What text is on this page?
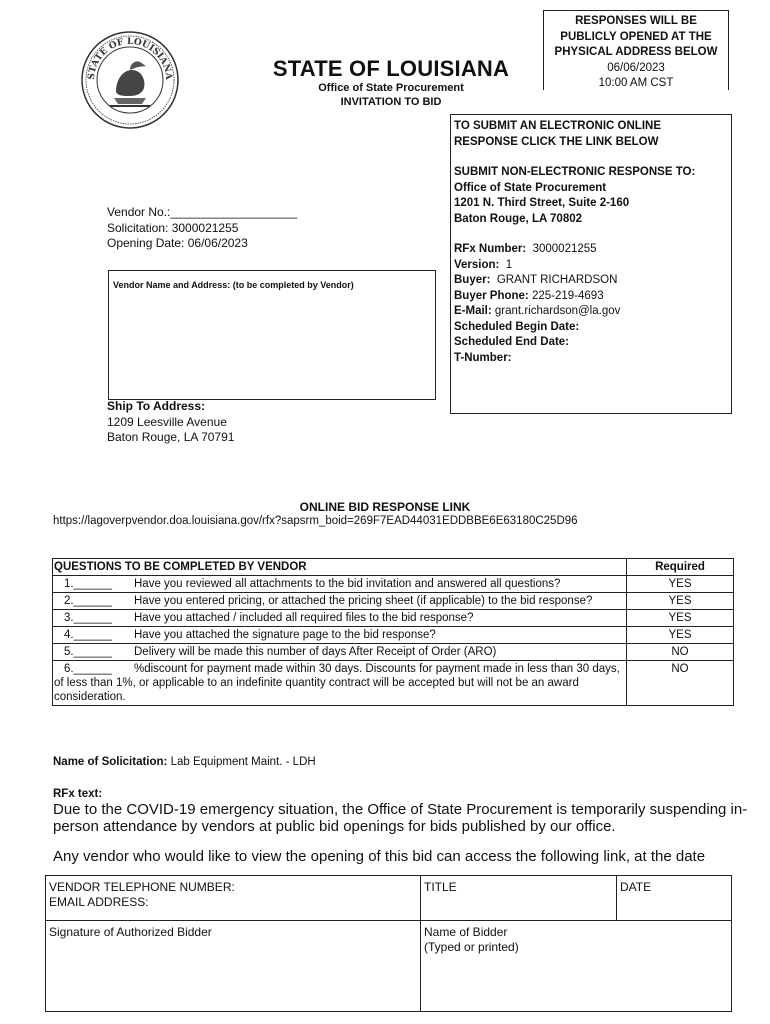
STATE OF LOUISIANA	STATE OF LOUISIANA
Office of State Procurement
INVITATION TO BID
RESPONSES WILL BE
PUBLICLY OPENED AT THE
PHYSICAL ADDRESS BELOW
06/06/2023
10:00 AM CST
TO SUBMIT AN ELECTRONIC ONLINE
RESPONSE CLICK THE LINK BELOW
SUBMIT NON-ELECTRONIC RESPONSE TO:
Office of State Procurement
1201 N. Third Street, Suite 2-160
Baton Rouge, LA 70802
RFx Number: 3000021255
Version: 1
Buyer: GRANT RICHARDSON
Buyer Phone: 225-219-4693
E-Mail: grant.richardson@la.gov
Scheduled Begin Date:
Scheduled End Date:
T-Number:
Vendor No.:___________________
Solicitation: 3000021255
Opening Date: 06/06/2023
Vendor Name and Address: (to be completed by Vendor)
Ship To Address:
1209 Leesville Avenue
Baton Rouge, LA 70791
ONLINE BID RESPONSE LINK
https://lagoverpvendor.doa.louisiana.gov/rfx?sapsrm_boid=269F7EAD44031EDDBBE6E63180C25D96
QUESTIONS TO BE COMPLETED BY VENDOR	Required
1.______ Have you reviewed all attachments to the bid invitation and answered all questions?	YES
2.______ Have you entered pricing, or attached the pricing sheet (if applicable) to the bid response?	YES
3.______ Have you attached / included all required files to the bid response?	YES
4.______ Have you attached the signature page to the bid response?	YES
5.______ Delivery will be made this number of days After Receipt of Order (ARO)	NO
6.______ %discount for payment made within 30 days. Discounts for payment made in less than 30 days, of less than 1%, or applicable to an indefinite quantity contract will be accepted but will not be an award consideration.	NO
Name of Solicitation: Lab Equipment Maint. - LDH
RFx text:
Due to the COVID-19 emergency situation, the Office of State Procurement is temporarily suspending in-person attendance by vendors at public bid openings for bids published by our office.
Any vendor who would like to view the opening of this bid can access the following link, at the date
VENDOR TELEPHONE NUMBER:
EMAIL ADDRESS:	TITLE	DATE

Signature of Authorized Bidder	Name of Bidder
(Typed or printed)	
